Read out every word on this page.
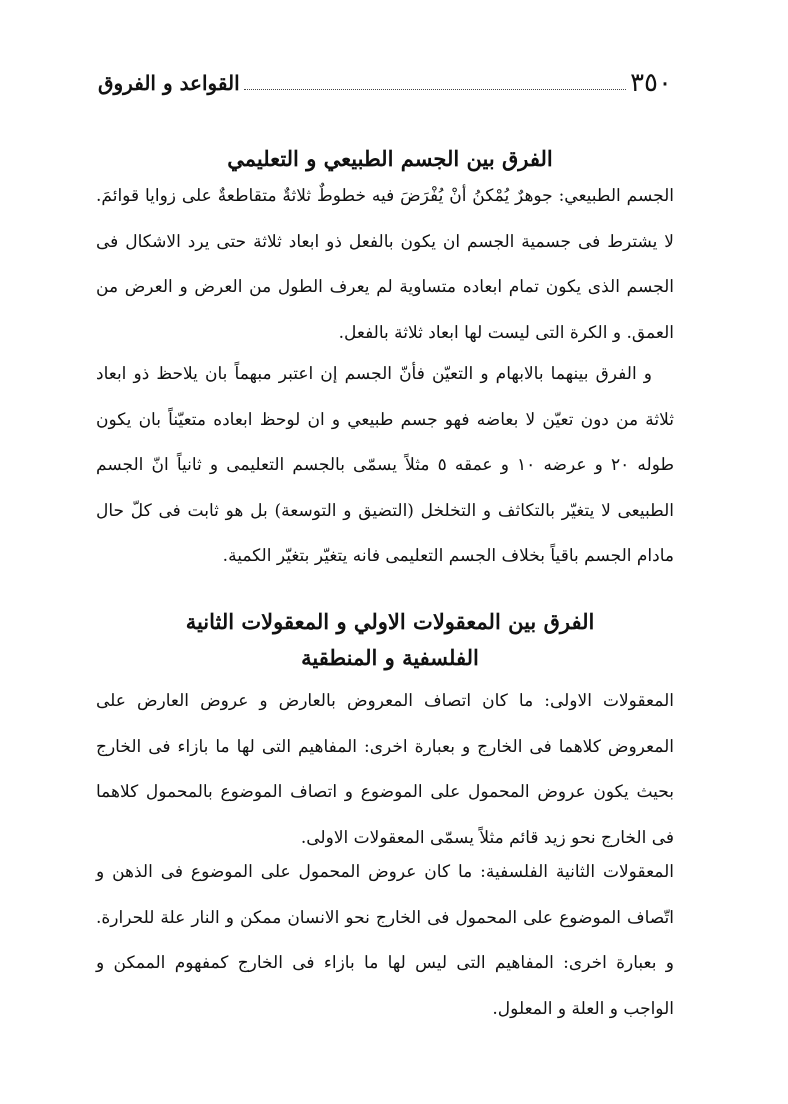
٣٥٠
القواعد و الفروق
الفرق بين الجسم الطبيعي و التعليمي
الجسم الطبيعي: جوهرٌ يُمْكنُ أنْ يُفْرَضَ فيه خطوطٌ ثلاثةٌ متقاطعةٌ على زوايا قوائمَ. لا يشترط فى جسمية الجسم ان يكون بالفعل ذو ابعاد ثلاثة حتى يرد الاشكال فى الجسم الذى يكون تمام ابعاده متساوية لم يعرف الطول من العرض و العرض من العمق. و الكرة التى ليست لها ابعاد ثلاثة بالفعل.
و الفرق بينهما بالابهام و التعيّن فأنّ الجسم إن اعتبر مبهماً بان يلاحظ ذو ابعاد ثلاثة من دون تعيّن لا بعاضه فهو جسم طبيعي و ان لوحظ ابعاده متعيّناً بان يكون طوله ٢٠ و عرضه ١٠ و عمقه ٥ مثلاً يسمّى بالجسم التعليمى و ثانياً انّ الجسم الطبيعى لا يتغيّر بالتكاثف و التخلخل (التضيق و التوسعة) بل هو ثابت فى كلّ حال مادام الجسم باقياً بخلاف الجسم التعليمى فانه يتغيّر بتغيّر الكمية.
الفرق بين المعقولات الاولي و المعقولات الثانية
الفلسفية و المنطقية
المعقولات الاولى: ما كان اتصاف المعروض بالعارض و عروض العارض على المعروض كلاهما فى الخارج و بعبارة اخرى: المفاهيم التى لها ما بازاء فى الخارج بحيث يكون عروض المحمول على الموضوع و اتصاف الموضوع بالمحمول كلاهما فى الخارج نحو زيد قائم مثلاً يسمّى المعقولات الاولى.
المعقولات الثانية الفلسفية: ما كان عروض المحمول على الموضوع فى الذهن و اتّصاف الموضوع على المحمول فى الخارج نحو الانسان ممكن و النار علة للحرارة. و بعبارة اخرى: المفاهيم التى ليس لها ما بازاء فى الخارج كمفهوم الممكن و الواجب و العلة و المعلول.
